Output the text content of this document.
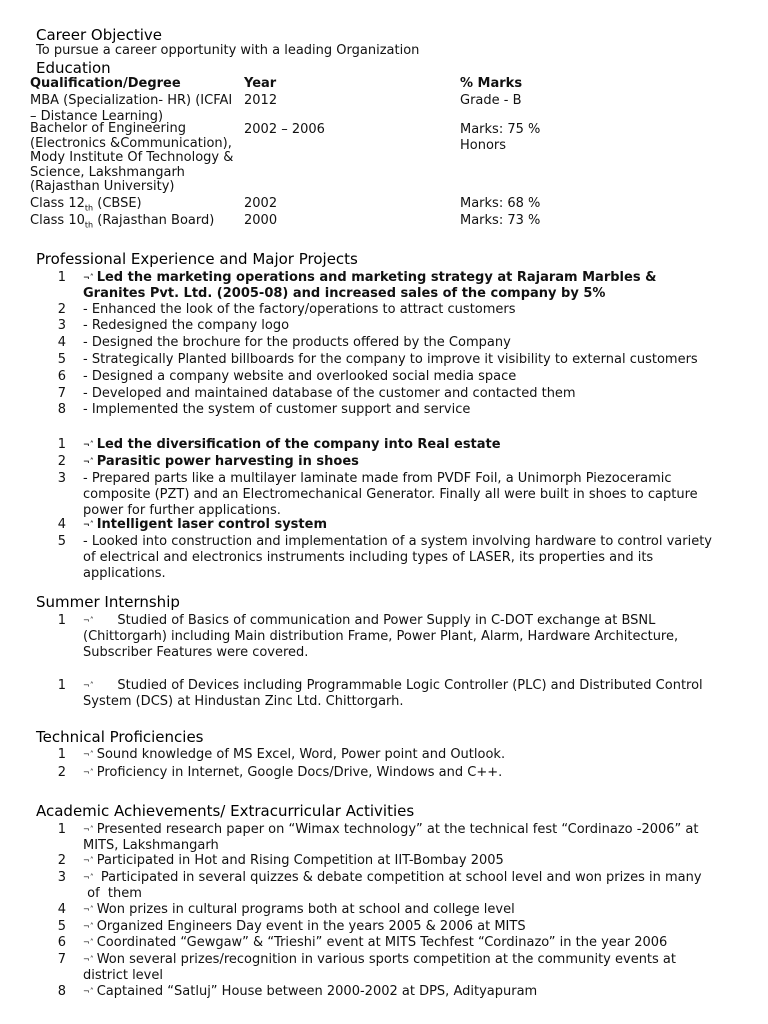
Career Objective
To pursue a career opportunity with a leading Organization
Education
Qualification/Degree	Year	% Marks
MBA (Specialization- HR) (ICFAI
– Distance Learning)
2012	Grade - B
Bachelor of Engineering
(Electronics &Communication),
Mody Institute Of Technology &
Science, Lakshmangarh
(Rajasthan University)
2002 – 2006	Marks: 75 %
Honors
Class $12_{th}$ (CBSE)	2002	Marks: 68 %
Class $10_{th}$ (Rajasthan Board) 2000	Marks: 73 %
Professional Experience and Major Projects
1 ¬˄ Led the marketing operations and marketing strategy at Rajaram Marbles &
Granites Pvt. Ltd. (2005-08) and increased sales of the company by 5%
2 - Enhanced the look of the factory/operations to attract customers
3 - Redesigned the company logo
4 - Designed the brochure for the products offered by the Company
5 - Strategically Planted billboards for the company to improve it visibility to external customers
6 - Designed a company website and overlooked social media space
7 - Developed and maintained database of the customer and contacted them
8 - Implemented the system of customer support and service
1 ¬˄ Led the diversification of the company into Real estate
2 ¬˄ Parasitic power harvesting in shoes
3 - Prepared parts like a multilayer laminate made from PVDF Foil, a Unimorph Piezoceramic
composite (PZT) and an Electromechanical Generator. Finally all were built in shoes to capture
power for further applications.
4 ¬˄ Intelligent laser control system
5 - Looked into construction and implementation of a system involving hardware to control variety
of electrical and electronics instruments including types of LASER, its properties and its
applications.
Summer Internship
1 ¬˄     Studied of Basics of communication and Power Supply in C-DOT exchange at BSNL
(Chittorgarh) including Main distribution Frame, Power Plant, Alarm, Hardware Architecture,
Subscriber Features were covered.
1 ¬˄     Studied of Devices including Programmable Logic Controller (PLC) and Distributed Control
System (DCS) at Hindustan Zinc Ltd. Chittorgarh.
Technical Proficiencies
1 ¬˄ Sound knowledge of MS Excel, Word, Power point and Outlook.
2 ¬˄ Proficiency in Internet, Google Docs/Drive, Windows and C++.
Academic Achievements/ Extracurricular Activities
1 ¬˄ Presented research paper on “Wimax technology” at the technical fest “Cordinazo -2006” at
MITS, Lakshmangarh
2 ¬˄ Participated in Hot and Rising Competition at IIT-Bombay 2005
3 ¬˄ Participated in several quizzes & debate competition at school level and won prizes in many
of  them
4 ¬˄ Won prizes in cultural programs both at school and college level
5 ¬˄ Organized Engineers Day event in the years 2005 & 2006 at MITS
6 ¬˄ Coordinated “Gewgaw” & “Trieshi” event at MITS Techfest “Cordinazo” in the year 2006
7 ¬˄ Won several prizes/recognition in various sports competition at the community events at
district level
8 ¬˄ Captained “Satluj” House between 2000-2002 at DPS, Adityapuram
